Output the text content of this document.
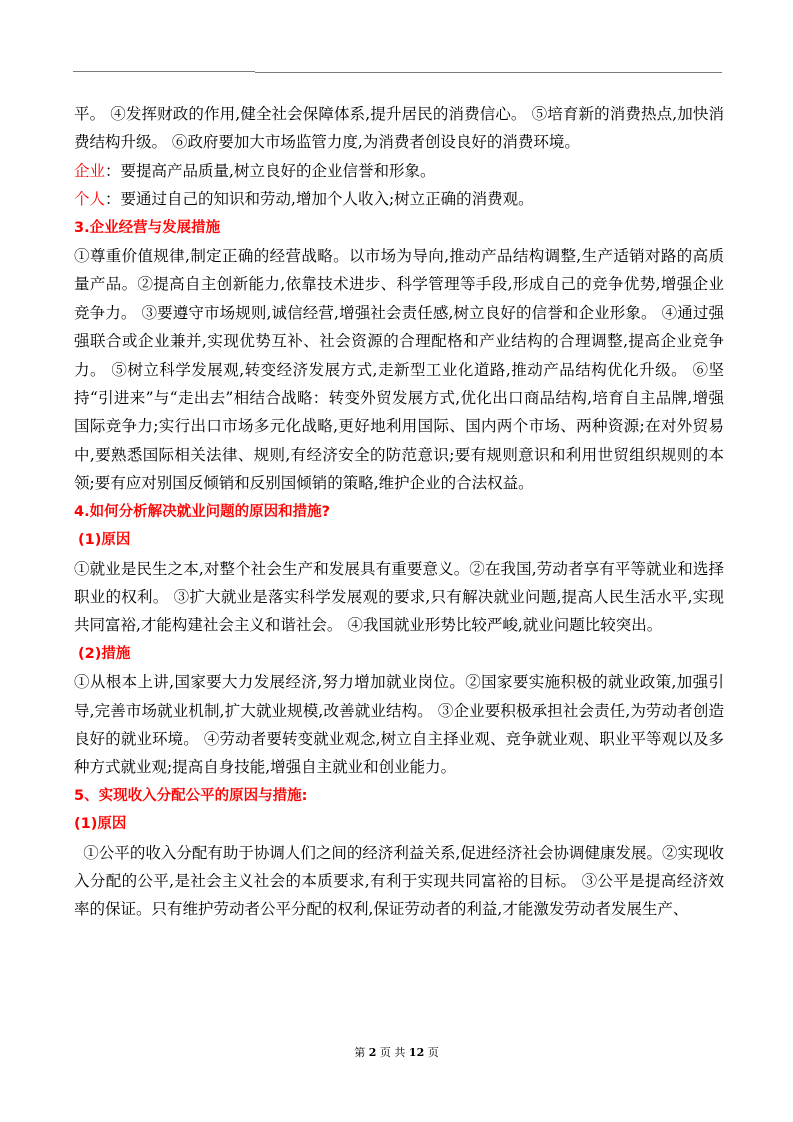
平。 ④发挥财政的作用,健全社会保障体系,提升居民的消费信心。 ⑤培育新的消费热点,加快消费结构升级。 ⑥政府要加大市场监管力度,为消费者创设良好的消费环境。

企业：要提高产品质量,树立良好的企业信誉和形象。

个人：要通过自己的知识和劳动,增加个人收入;树立正确的消费观。

3.企业经营与发展措施

①尊重价值规律,制定正确的经营战略。以市场为导向,推动产品结构调整,生产适销对路的高质量产品。②提高自主创新能力,依靠技术进步、科学管理等手段,形成自己的竞争优势,增强企业竞争力。 ③要遵守市场规则,诚信经营,增强社会责任感,树立良好的信誉和企业形象。 ④通过强强联合或企业兼并,实现优势互补、社会资源的合理配格和产业结构的合理调整,提高企业竞争力。 ⑤树立科学发展观,转变经济发展方式,走新型工业化道路,推动产品结构优化升级。 ⑥坚持“引进来”与“走出去”相结合战略：转变外贸发展方式,优化出口商品结构,培育自主品牌,增强国际竞争力;实行出口市场多元化战略,更好地利用国际、国内两个市场、两种资源;在对外贸易中,要熟悉国际相关法律、规则,有经济安全的防范意识;要有规则意识和利用世贸组织规则的本领;要有应对别国反倾销和反别国倾销的策略,维护企业的合法权益。

4.如何分析解决就业问题的原因和措施?

(1)原因

①就业是民生之本,对整个社会生产和发展具有重要意义。②在我国,劳动者享有平等就业和选择职业的权利。 ③扩大就业是落实科学发展观的要求,只有解决就业问题,提高人民生活水平,实现共同富裕,才能构建社会主义和谐社会。 ④我国就业形势比较严峻,就业问题比较突出。

(2)措施

①从根本上讲,国家要大力发展经济,努力增加就业岗位。②国家要实施积极的就业政策,加强引导,完善市场就业机制,扩大就业规模,改善就业结构。 ③企业要积极承担社会责任,为劳动者创造良好的就业环境。 ④劳动者要转变就业观念,树立自主择业观、竞争就业观、职业平等观以及多种方式就业观;提高自身技能,增强自主就业和创业能力。

5、实现收入分配公平的原因与措施:

(1)原因

①公平的收入分配有助于协调人们之间的经济利益关系,促进经济社会协调健康发展。②实现收入分配的公平,是社会主义社会的本质要求,有利于实现共同富裕的目标。 ③公平是提高经济效率的保证。只有维护劳动者公平分配的权利,保证劳动者的利益,才能激发劳动者发展生产、

第 2 页 共 12 页
